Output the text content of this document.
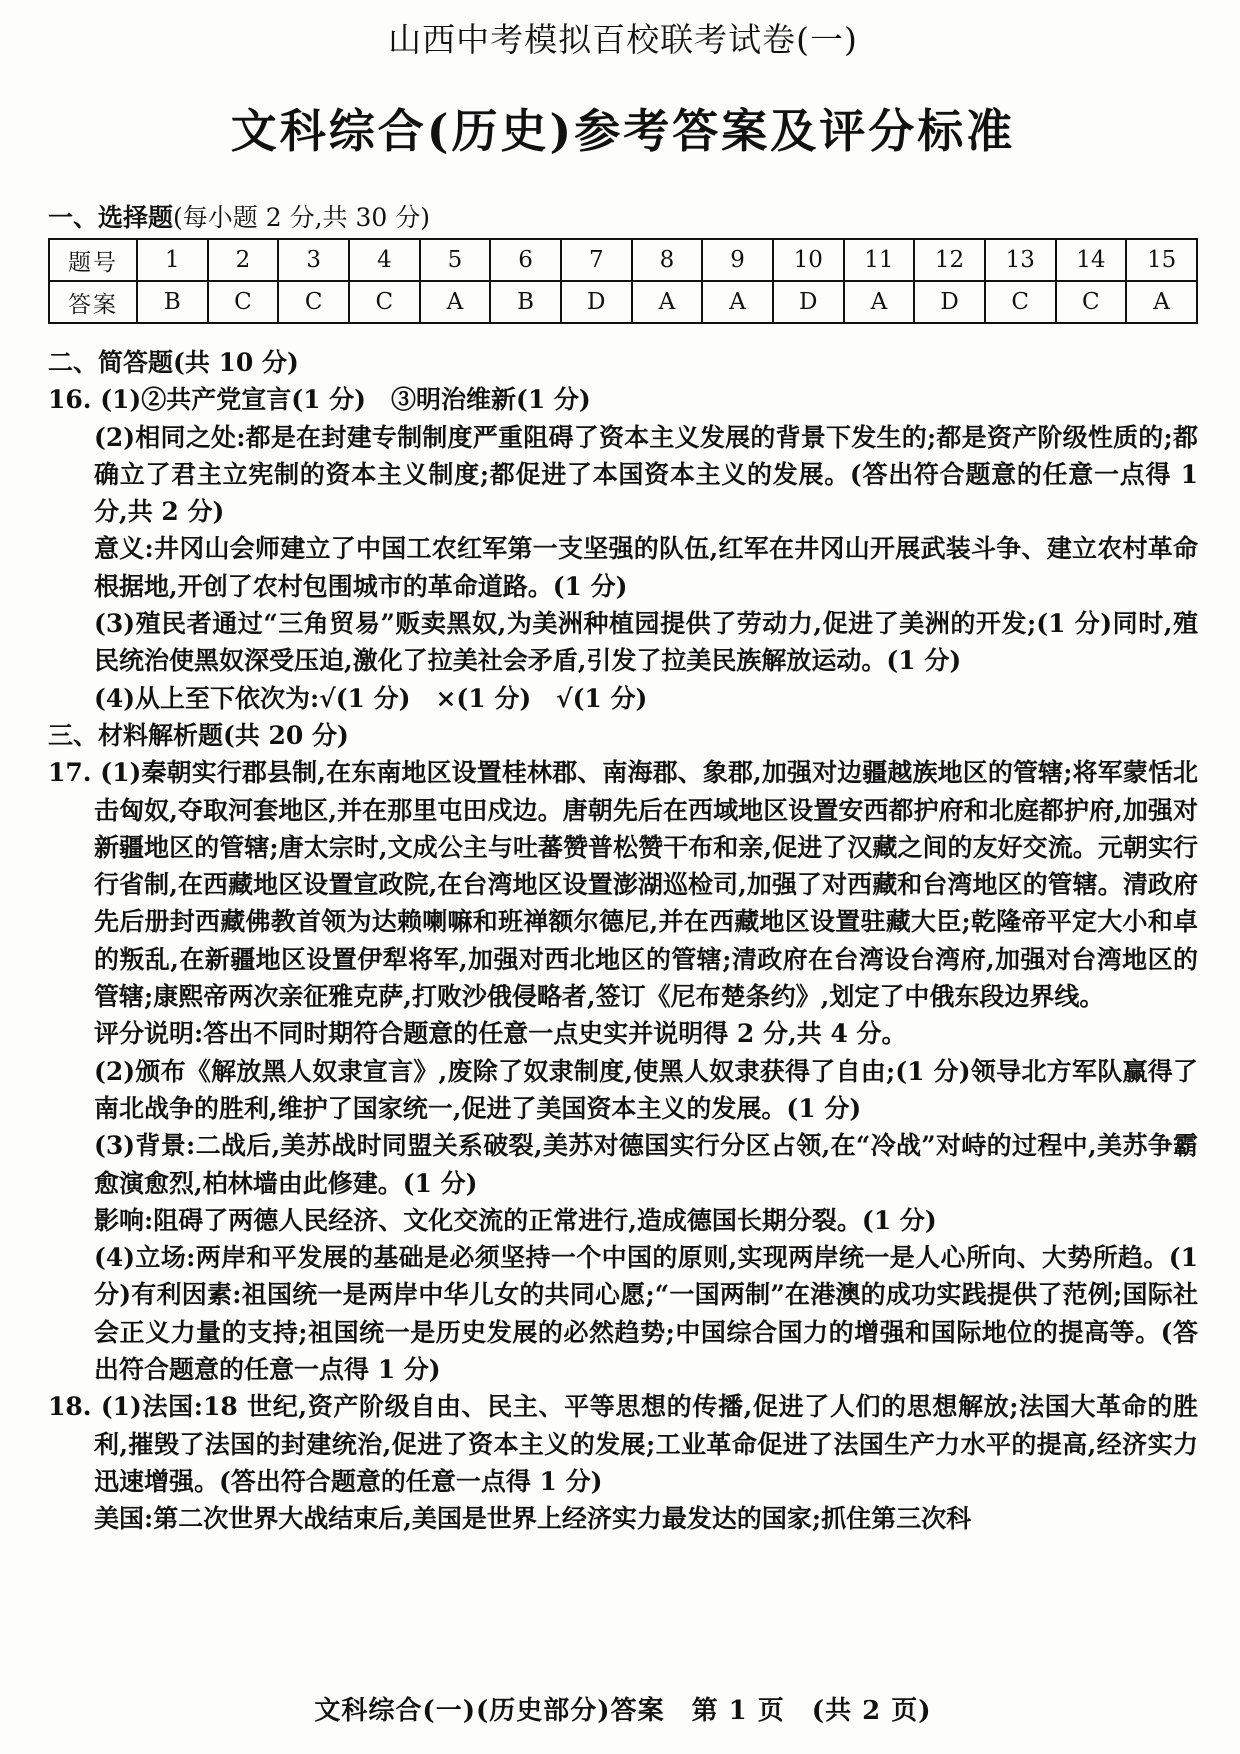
山西中考模拟百校联考试卷(一)
文科综合(历史)参考答案及评分标准
一、选择题(每小题 2 分,共 30 分)
题号	1	2	3	4	5	6	7	8	9	10	11	12	13	14	15
答案	B	C	C	C	A	B	D	A	A	D	A	D	C	C	A

二、简答题(共 10 分)

16. (1)②共产党宣言(1 分)　③明治维新(1 分)

(2)相同之处:都是在封建专制制度严重阻碍了资本主义发展的背景下发生的;都是资产阶级性质的;都确立了君主立宪制的资本主义制度;都促进了本国资本主义的发展。(答出符合题意的任意一点得 1 分,共 2 分)

意义:井冈山会师建立了中国工农红军第一支坚强的队伍,红军在井冈山开展武装斗争、建立农村革命根据地,开创了农村包围城市的革命道路。(1 分)

(3)殖民者通过“三角贸易”贩卖黑奴,为美洲种植园提供了劳动力,促进了美洲的开发;(1 分)同时,殖民统治使黑奴深受压迫,激化了拉美社会矛盾,引发了拉美民族解放运动。(1 分)

(4)从上至下依次为:√(1 分)　×(1 分)　√(1 分)

三、材料解析题(共 20 分)

17. (1)秦朝实行郡县制,在东南地区设置桂林郡、南海郡、象郡,加强对边疆越族地区的管辖;将军蒙恬北击匈奴,夺取河套地区,并在那里屯田戍边。唐朝先后在西域地区设置安西都护府和北庭都护府,加强对新疆地区的管辖;唐太宗时,文成公主与吐蕃赞普松赞干布和亲,促进了汉藏之间的友好交流。元朝实行行省制,在西藏地区设置宣政院,在台湾地区设置澎湖巡检司,加强了对西藏和台湾地区的管辖。清政府先后册封西藏佛教首领为达赖喇嘛和班禅额尔德尼,并在西藏地区设置驻藏大臣;乾隆帝平定大小和卓的叛乱,在新疆地区设置伊犁将军,加强对西北地区的管辖;清政府在台湾设台湾府,加强对台湾地区的管辖;康熙帝两次亲征雅克萨,打败沙俄侵略者,签订《尼布楚条约》,划定了中俄东段边界线。

评分说明:答出不同时期符合题意的任意一点史实并说明得 2 分,共 4 分。

(2)颁布《解放黑人奴隶宣言》,废除了奴隶制度,使黑人奴隶获得了自由;(1 分)领导北方军队赢得了南北战争的胜利,维护了国家统一,促进了美国资本主义的发展。(1 分)

(3)背景:二战后,美苏战时同盟关系破裂,美苏对德国实行分区占领,在“冷战”对峙的过程中,美苏争霸愈演愈烈,柏林墙由此修建。(1 分)

影响:阻碍了两德人民经济、文化交流的正常进行,造成德国长期分裂。(1 分)

(4)立场:两岸和平发展的基础是必须坚持一个中国的原则,实现两岸统一是人心所向、大势所趋。(1 分)有利因素:祖国统一是两岸中华儿女的共同心愿;“一国两制”在港澳的成功实践提供了范例;国际社会正义力量的支持;祖国统一是历史发展的必然趋势;中国综合国力的增强和国际地位的提高等。(答出符合题意的任意一点得 1 分)

18. (1)法国:18 世纪,资产阶级自由、民主、平等思想的传播,促进了人们的思想解放;法国大革命的胜利,摧毁了法国的封建统治,促进了资本主义的发展;工业革命促进了法国生产力水平的提高,经济实力迅速增强。(答出符合题意的任意一点得 1 分)

美国:第二次世界大战结束后,美国是世界上经济实力最发达的国家;抓住第三次科

文科综合(一)(历史部分)答案　第 1 页　(共 2 页)
